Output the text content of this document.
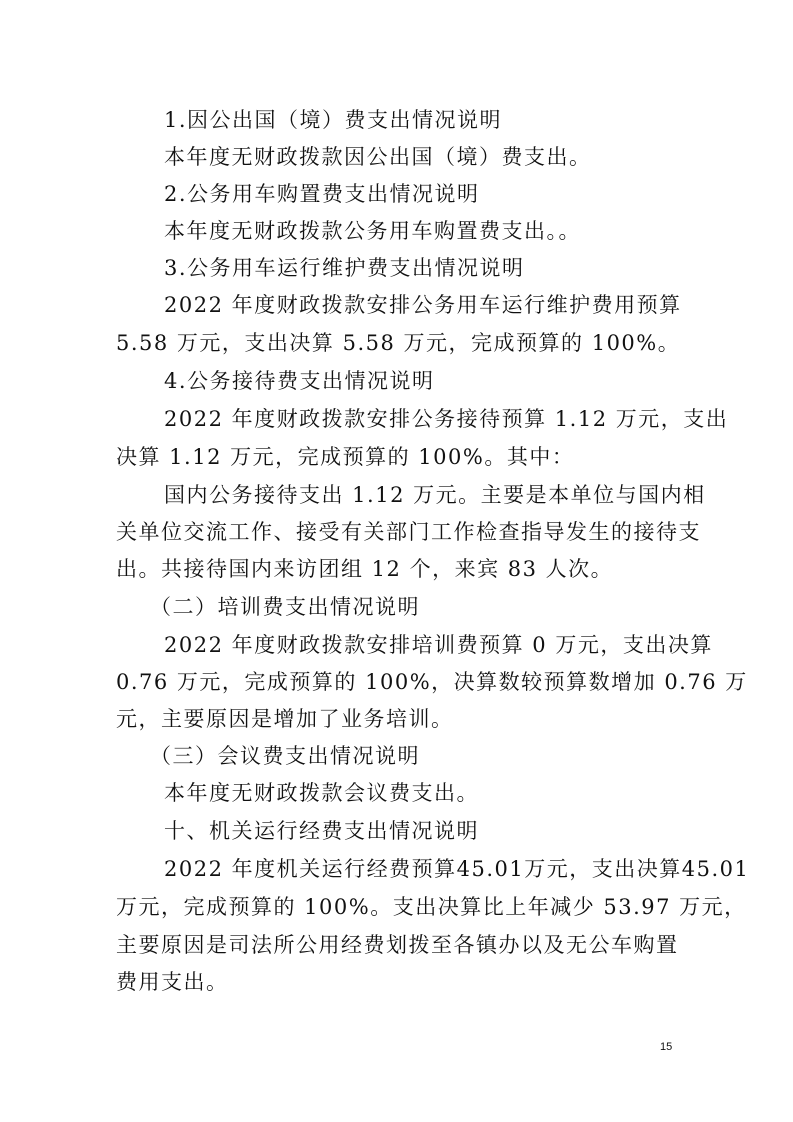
1.因公出国（境）费支出情况说明
本年度无财政拨款因公出国（境）费支出。
2.公务用车购置费支出情况说明
本年度无财政拨款公务用车购置费支出。。
3.公务用车运行维护费支出情况说明
2022 年度财政拨款安排公务用车运行维护费用预算
5.58 万元，支出决算 5.58 万元，完成预算的 100%。
4.公务接待费支出情况说明
2022 年度财政拨款安排公务接待预算 1.12 万元，支出
决算 1.12 万元，完成预算的 100%。其中：
国内公务接待支出 1.12 万元。主要是本单位与国内相
关单位交流工作、接受有关部门工作检查指导发生的接待支
出。共接待国内来访团组 12 个，来宾 83 人次。
（二）培训费支出情况说明
2022 年度财政拨款安排培训费预算 0 万元，支出决算
0.76 万元，完成预算的 100%，决算数较预算数增加 0.76 万
元，主要原因是增加了业务培训。
（三）会议费支出情况说明
本年度无财政拨款会议费支出。
十、机关运行经费支出情况说明
2022 年度机关运行经费预算45.01万元，支出决算45.01
万元，完成预算的 100%。支出决算比上年减少 53.97 万元，
主要原因是司法所公用经费划拨至各镇办以及无公车购置
费用支出。
15
